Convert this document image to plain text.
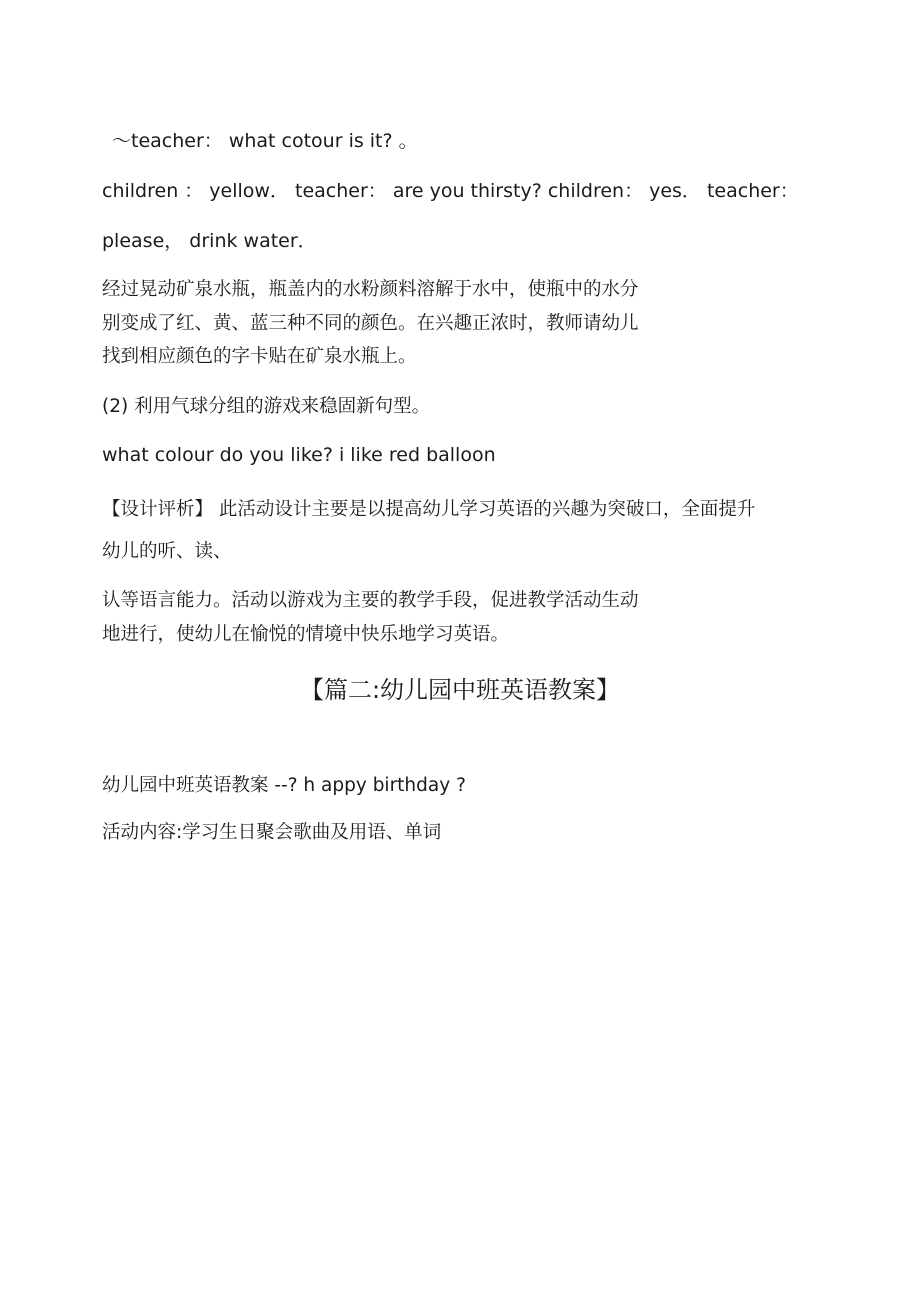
～teacher： what cotour is it? 。
children ： yellow． teacher： are you thirsty? children： yes． teacher：
please， drink water．
经过晃动矿泉水瓶，瓶盖内的水粉颜料溶解于水中，使瓶中的水分
别变成了红、黄、蓝三种不同的颜色。在兴趣正浓时，教师请幼儿
找到相应颜色的字卡贴在矿泉水瓶上。
(2) 利用气球分组的游戏来稳固新句型。
what colour do you like? i like red balloon
【设计评析】 此活动设计主要是以提高幼儿学习英语的兴趣为突破口，全面提升
幼儿的听、读、
认等语言能力。活动以游戏为主要的教学手段，促进教学活动生动
地进行，使幼儿在愉悦的情境中快乐地学习英语。
【篇二:幼儿园中班英语教案】
幼儿园中班英语教案 --? h appy birthday ?
活动内容:学习生日聚会歌曲及用语、单词
